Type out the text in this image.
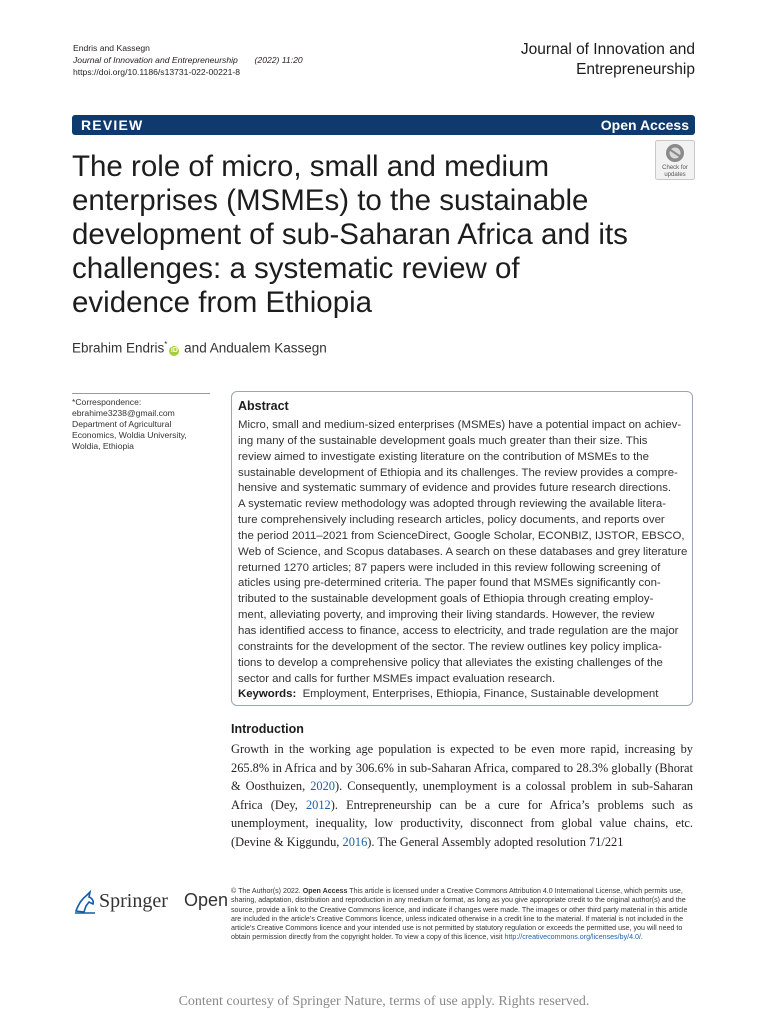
Endris and Kassegn
Journal of Innovation and Entrepreneurship (2022) 11:20
https://doi.org/10.1186/s13731-022-00221-8
Journal of Innovation and
Entrepreneurship
REVIEW	Open Access
The role of micro, small and medium enterprises (MSMEs) to the sustainable development of sub-Saharan Africa and its challenges: a systematic review of evidence from Ethiopia
Check for
updates
Ebrahim Endris*iD and Andualem Kassegn
*Correspondence:
ebrahime3238@gmail.com
Department of Agricultural
Economics, Woldia University,
Woldia, Ethiopia
Abstract
Micro, small and medium-sized enterprises (MSMEs) have a potential impact on achiev-
ing many of the sustainable development goals much greater than their size. This
review aimed to investigate existing literature on the contribution of MSMEs to the
sustainable development of Ethiopia and its challenges. The review provides a compre-
hensive and systematic summary of evidence and provides future research directions.
A systematic review methodology was adopted through reviewing the available litera-
ture comprehensively including research articles, policy documents, and reports over
the period 2011–2021 from ScienceDirect, Google Scholar, ECONBIZ, IJSTOR, EBSCO,
Web of Science, and Scopus databases. A search on these databases and grey literature
returned 1270 articles; 87 papers were included in this review following screening of
aticles using pre-determined criteria. The paper found that MSMEs significantly con-
tributed to the sustainable development goals of Ethiopia through creating employ-
ment, alleviating poverty, and improving their living standards. However, the review
has identified access to finance, access to electricity, and trade regulation are the major
constraints for the development of the sector. The review outlines key policy implica-
tions to develop a comprehensive policy that alleviates the existing challenges of the
sector and calls for further MSMEs impact evaluation research.
Keywords: Employment, Enterprises, Ethiopia, Finance, Sustainable development
Introduction
Growth in the working age population is expected to be even more rapid, increasing by 265.8% in Africa and by 306.6% in sub-Saharan Africa, compared to 28.3% globally (Bhorat & Oosthuizen, 2020). Consequently, unemployment is a colossal problem in sub-Saharan Africa (Dey, 2012). Entrepreneurship can be a cure for Africa’s problems such as unemployment, inequality, low productivity, disconnect from global value chains, etc. (Devine & Kiggundu, 2016). The General Assembly adopted resolution 71/221
Springer Open © The Author(s) 2022. Open Access This article is licensed under a Creative Commons Attribution 4.0 International License, which permits use, sharing, adaptation, distribution and reproduction in any medium or format, as long as you give appropriate credit to the original author(s) and the source, provide a link to the Creative Commons licence, and indicate if changes were made. The images or other third party material in this article are included in the article’s Creative Commons licence, unless indicated otherwise in a credit line to the material. If material is not included in the article’s Creative Commons licence and your intended use is not permitted by statutory regulation or exceeds the permitted use, you will need to obtain permission directly from the copyright holder. To view a copy of this licence, visit http://creativecommons.org/licenses/by/4.0/.
Content courtesy of Springer Nature, terms of use apply. Rights reserved.
